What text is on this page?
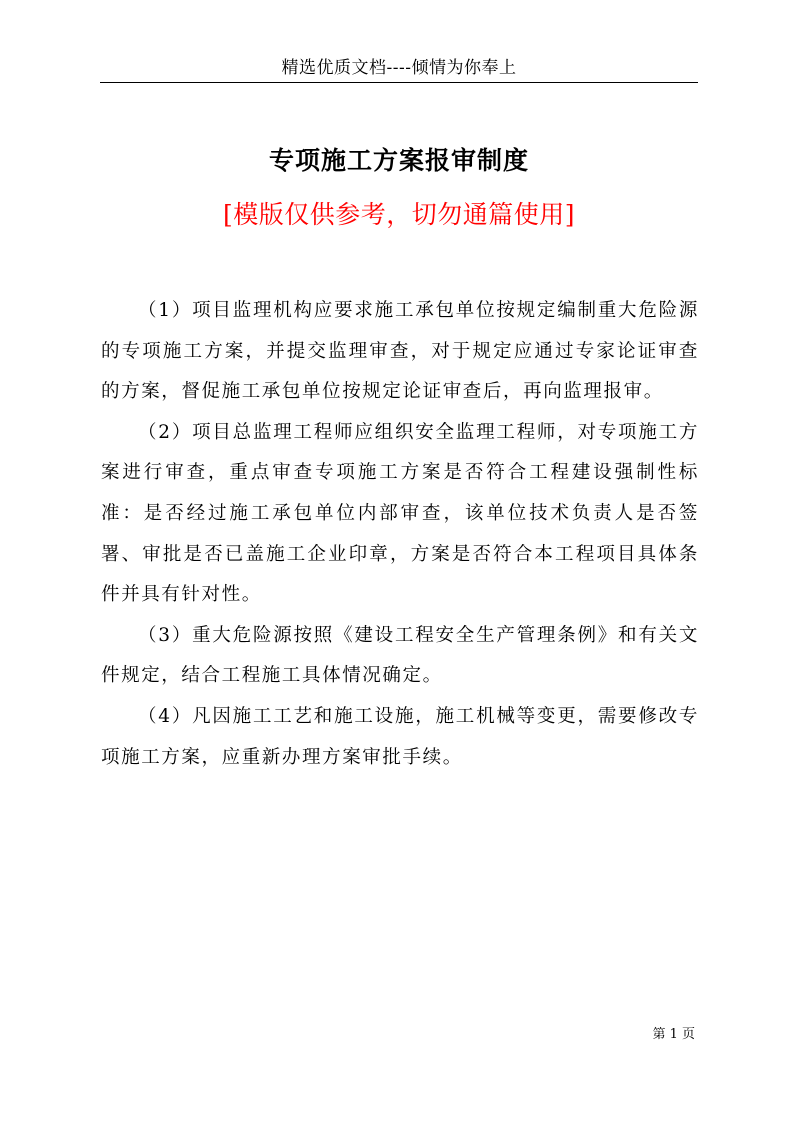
精选优质文档----倾情为你奉上
专项施工方案报审制度

[模版仅供参考，切勿通篇使用]

（1）项目监理机构应要求施工承包单位按规定编制重大危险源的专项施工方案，并提交监理审查，对于规定应通过专家论证审查的方案，督促施工承包单位按规定论证审查后，再向监理报审。

（2）项目总监理工程师应组织安全监理工程师，对专项施工方案进行审查，重点审查专项施工方案是否符合工程建设强制性标准：是否经过施工承包单位内部审查，该单位技术负责人是否签署、审批是否已盖施工企业印章，方案是否符合本工程项目具体条件并具有针对性。

（3）重大危险源按照《建设工程安全生产管理条例》和有关文件规定，结合工程施工具体情况确定。

（4）凡因施工工艺和施工设施，施工机械等变更，需要修改专项施工方案，应重新办理方案审批手续。

第 1 页
